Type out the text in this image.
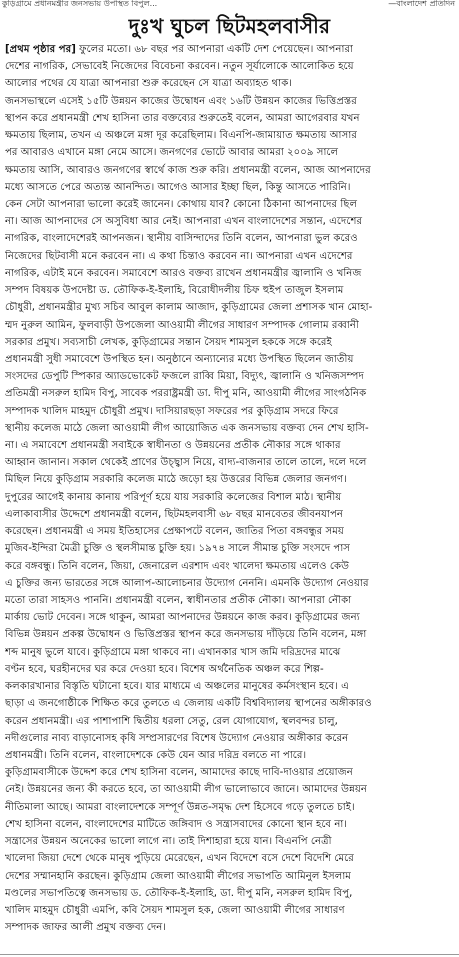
কুড়িগ্রামে প্রধানমন্ত্রীর জনসভায় উপস্থিত বিপুল...	—বাংলাদেশ প্রতিদিন
দুঃখ ঘুচল ছিটমহলবাসীর
[প্রথম পৃষ্ঠার পর] ফুলের মতো। ৬৮ বছর পর আপনারা একটি দেশ পেয়েছেন। আপনারা
দেশের নাগরিক, সেভাবেই নিজেদের বিবেচনা করবেন। নতুন সূর্যালোকে আলোকিত হয়ে
আলোর পথের যে যাত্রা আপনারা শুরু করেছেন সে যাত্রা অব্যাহত থাক।
জনসভাস্থলে এসেই ১৫টি উন্নয়ন কাজের উদ্বোধন এবং ১৬টি উন্নয়ন কাজের ভিত্তিপ্রস্তর
স্থাপন করে প্রধানমন্ত্রী শেখ হাসিনা তার বক্তব্যের শুরুতেই বলেন, আমরা আগেরবার যখন
ক্ষমতায় ছিলাম, তখন এ অঞ্চলে মঙ্গা দূর করেছিলাম। বিএনপি-জামায়াত ক্ষমতায় আসার
পর আবারও এখানে মঙ্গা নেমে আসে। জনগণের ভোটে আবার আমরা ২০০৯ সালে
ক্ষমতায় আসি, আবারও জনগণের স্বার্থে কাজ শুরু করি। প্রধানমন্ত্রী বলেন, আজ আপনাদের
মধ্যে আসতে পেরে অত্যন্ত আনন্দিত। আগেও আসার ইচ্ছা ছিল, কিন্তু আসতে পারিনি।
কেন সেটা আপনারা ভালো করেই জানেন। কোথায় যাব? কোনো ঠিকানা আপনাদের ছিল
না। আজ আপনাদের সে অসুবিধা আর নেই। আপনারা এখন বাংলাদেশের সন্তান, এদেশের
নাগরিক, বাংলাদেশেরই আপনজন। স্থানীয় বাসিন্দাদের তিনি বলেন, আপনারা ভুল করেও
নিজেদের ছিটবাসী মনে করবেন না। এ কথা চিন্তাও করবেন না। আপনারা এখন এদেশের
নাগরিক, এটাই মনে করবেন। সমাবেশে আরও বক্তব্য রাখেন প্রধানমন্ত্রীর জ্বালানি ও খনিজ
সম্পদ বিষয়ক উপদেষ্টা ড. তৌফিক-ই-ইলাহি, বিরোধীদলীয় চিফ হুইপ তাজুল ইসলাম
চৌধুরী, প্রধানমন্ত্রীর মুখ্য সচিব আবুল কালাম আজাদ, কুড়িগ্রামের জেলা প্রশাসক খান মোহা-
ম্মদ নুরুল আমিন, ফুলবাড়ী উপজেলা আওয়ামী লীগের সাধারণ সম্পাদক গোলাম রব্বানী
সরকার প্রমুখ। সব্যসাচী লেখক, কুড়িগ্রামের সন্তান সৈয়দ শামসুল হককে সঙ্গে করেই
প্রধানমন্ত্রী সুধী সমাবেশে উপস্থিত হন। অনুষ্ঠানে অন্যান্যের মধ্যে উপস্থিত ছিলেন জাতীয়
সংসদের ডেপুটি স্পিকার অ্যাডভোকেট ফজলে রাব্বি মিয়া, বিদ্যুৎ, জ্বালানি ও খনিজসম্পদ
প্রতিমন্ত্রী নসরুল হামিদ বিপু, সাবেক পররাষ্ট্রমন্ত্রী ডা. দীপু মনি, আওয়ামী লীগের সাংগঠনিক
সম্পাদক খালিদ মাহমুদ চৌধুরী প্রমুখ। দাসিয়ারছড়া সফরের পর কুড়িগ্রাম সদরে ফিরে
স্থানীয় কলেজ মাঠে জেলা আওয়ামী লীগ আয়োজিত এক জনসভায় বক্তব্য দেন শেখ হাসি-
না। এ সমাবেশে প্রধানমন্ত্রী সবাইকে স্বাধীনতা ও উন্নয়নের প্রতীক নৌকার সঙ্গে থাকার
আহ্বান জানান। সকাল থেকেই প্রাণের উচ্ছ্বাস নিয়ে, বাদ্য-বাজনার তালে তালে, দলে দলে
মিছিল নিয়ে কুড়িগ্রাম সরকারি কলেজ মাঠে জড়ো হয় উত্তরের বিভিন্ন জেলার জনগণ।
দুপুরের আগেই কানায় কানায় পরিপূর্ণ হয়ে যায় সরকারি কলেজের বিশাল মাঠ। স্থানীয়
এলাকাবাসীর উদ্দেশে প্রধানমন্ত্রী বলেন, ছিটমহলবাসী ৬৮ বছর মানবেতর জীবনযাপন
করেছেন। প্রধানমন্ত্রী এ সময় ইতিহাসের প্রেক্ষাপটে বলেন, জাতির পিতা বঙ্গবন্ধুর সময়
মুজিব-ইন্দিরা মৈত্রী চুক্তি ও স্থলসীমান্ত চুক্তি হয়। ১৯৭৪ সালে সীমান্ত চুক্তি সংসদে পাস
করে বঙ্গবন্ধু। তিনি বলেন, জিয়া, জেনারেল এরশাদ এবং খালেদা ক্ষমতায় এলেও কেউ
এ চুক্তির জন্য ভারতের সঙ্গে আলাপ-আলোচনার উদ্যোগ নেননি। এমনকি উদ্যোগ নেওয়ার
মতো তারা সাহসও পাননি। প্রধানমন্ত্রী বলেন, স্বাধীনতার প্রতীক নৌকা। আপনারা নৌকা
মার্কায় ভোট দেবেন। সঙ্গে থাকুন, আমরা আপনাদের উন্নয়নে কাজ করব। কুড়িগ্রামের জন্য
বিভিন্ন উন্নয়ন প্রকল্প উদ্বোধন ও ভিত্তিপ্রস্তর স্থাপন করে জনসভায় দাঁড়িয়ে তিনি বলেন, মঙ্গা
শব্দ মানুষ ভুলে যাবে। কুড়িগ্রামে মঙ্গা থাকবে না। এখানকার খাস জমি দরিদ্রদের মাঝে
বণ্টন হবে, ঘরহীনদের ঘর করে দেওয়া হবে। বিশেষ অর্থনৈতিক অঞ্চল করে শিল্প-
কলকারখানার বিস্তৃতি ঘটানো হবে। যার মাধ্যমে এ অঞ্চলের মানুষের কর্মসংস্থান হবে। এ
ছাড়া এ জনগোষ্ঠীকে শিক্ষিত করে তুলতে এ জেলায় একটি বিশ্ববিদ্যালয় স্থাপনের অঙ্গীকারও
করেন প্রধানমন্ত্রী। এর পাশাপাশি দ্বিতীয় ধরলা সেতু, রেল যোগাযোগ, স্থলবন্দর চালু,
নদীগুলোর নাব্য বাড়ানোসহ কৃষি সম্প্রসারণের বিশেষ উদ্যোগ নেওয়ার অঙ্গীকার করেন
প্রধানমন্ত্রী। তিনি বলেন, বাংলাদেশকে কেউ যেন আর দরিদ্র বলতে না পারে।
কুড়িগ্রামবাসীকে উদ্দেশ করে শেখ হাসিনা বলেন, আমাদের কাছে দাবি-দাওয়ার প্রয়োজন
নেই। উন্নয়নের জন্য কী করতে হবে, তা আওয়ামী লীগ ভালোভাবে জানে। আমাদের উন্নয়ন
নীতিমালা আছে। আমরা বাংলাদেশকে সম্পূর্ণ উন্নত-সমৃদ্ধ দেশ হিসেবে গড়ে তুলতে চাই।
শেখ হাসিনা বলেন, বাংলাদেশের মাটিতে জঙ্গিবাদ ও সন্ত্রাসবাদের কোনো স্থান হবে না।
সন্ত্রাসের উন্নয়ন অনেকের ভালো লাগে না। তাই দিশাহারা হয়ে যান। বিএনপি নেত্রী
খালেদা জিয়া দেশে থেকে মানুষ পুড়িয়ে মেরেছেন, এখন বিদেশে বসে দেশে বিদেশি মেরে
দেশের সম্মানহানি করছেন। কুড়িগ্রাম জেলা আওয়ামী লীগের সভাপতি আমিনুল ইসলাম
মণ্ডলের সভাপতিত্বে জনসভায় ড. তৌফিক-ই-ইলাহি, ডা. দীপু মনি, নসরুল হামিদ বিপু,
খালিদ মাহমুদ চৌধুরী এমপি, কবি সৈয়দ শামসুল হক, জেলা আওয়ামী লীগের সাধারণ
সম্পাদক জাফর আলী প্রমুখ বক্তব্য দেন।
